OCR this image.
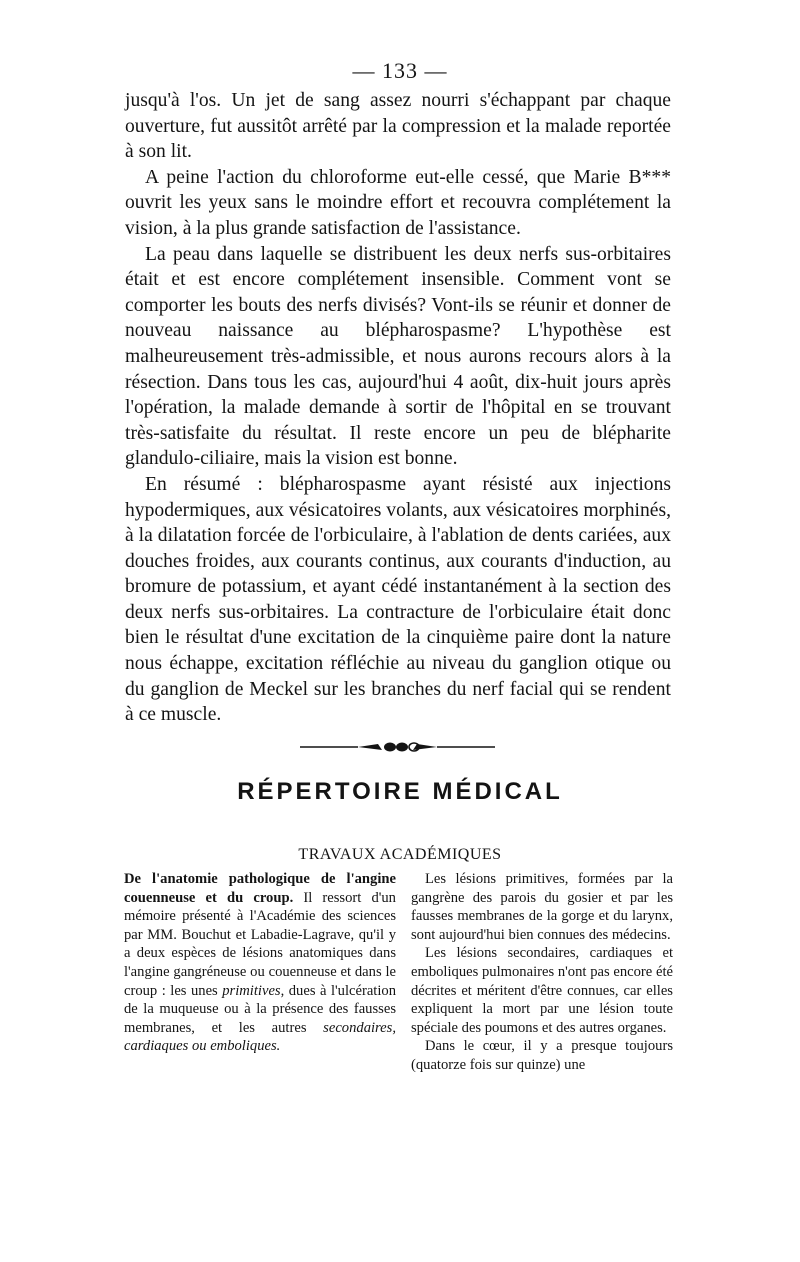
— 133 —

jusqu'à l'os. Un jet de sang assez nourri s'échappant par chaque ouverture, fut aussitôt arrêté par la compression et la malade reportée à son lit.

A peine l'action du chloroforme eut-elle cessé, que Marie B*** ouvrit les yeux sans le moindre effort et recouvra complétement la vision, à la plus grande satisfaction de l'assistance.

La peau dans laquelle se distribuent les deux nerfs sus-orbitaires était et est encore complétement insensible. Comment vont se comporter les bouts des nerfs divisés? Vont-ils se réunir et donner de nouveau naissance au blépharospasme? L'hypothèse est malheureusement très-admissible, et nous aurons recours alors à la résection. Dans tous les cas, aujourd'hui 4 août, dix-huit jours après l'opération, la malade demande à sortir de l'hôpital en se trouvant très-satisfaite du résultat. Il reste encore un peu de blépharite glandulo-ciliaire, mais la vision est bonne.

En résumé : blépharospasme ayant résisté aux injections hypodermiques, aux vésicatoires volants, aux vésicatoires morphinés, à la dilatation forcée de l'orbiculaire, à l'ablation de dents cariées, aux douches froides, aux courants continus, aux courants d'induction, au bromure de potassium, et ayant cédé instantanément à la section des deux nerfs sus-orbitaires. La contracture de l'orbiculaire était donc bien le résultat d'une excitation de la cinquième paire dont la nature nous échappe, excitation réfléchie au niveau du ganglion otique ou du ganglion de Meckel sur les branches du nerf facial qui se rendent à ce muscle.

RÉPERTOIRE MÉDICAL
TRAVAUX ACADÉMIQUES

De l'anatomie pathologique de l'angine couenneuse et du croup. Il ressort d'un mémoire présenté à l'Académie des sciences par MM. Bouchut et Labadie-Lagrave, qu'il y a deux espèces de lésions anatomiques dans l'angine gangréneuse ou couenneuse et dans le croup : les unes primitives, dues à l'ulcération de la muqueuse ou à la présence des fausses membranes, et les autres secondaires, cardiaques ou emboliques.

Les lésions primitives, formées par la gangrène des parois du gosier et par les fausses membranes de la gorge et du larynx, sont aujourd'hui bien connues des médecins.

Les lésions secondaires, cardiaques et emboliques pulmonaires n'ont pas encore été décrites et méritent d'être connues, car elles expliquent la mort par une lésion toute spéciale des poumons et des autres organes.

Dans le cœur, il y a presque toujours (quatorze fois sur quinze) une
